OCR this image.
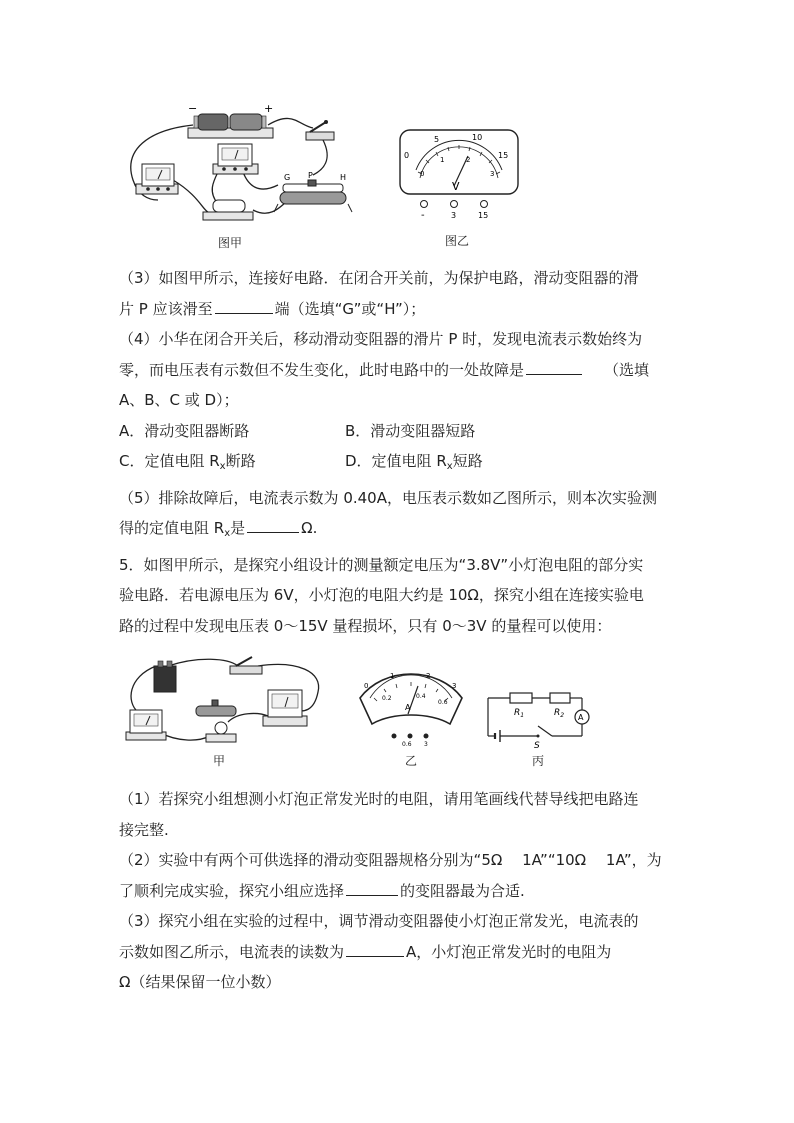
−	+
G P	H
图甲
0
5	10
15
0
1	2
3
V
-	3	15
图乙

（3）如图甲所示，连接好电路．在闭合开关前，为保护电路，滑动变阻器的滑

片 P 应该滑至	端（选填“G”或“H”）；

（4）小华在闭合开关后，移动滑动变阻器的滑片 P 时，发现电流表示数始终为

零，而电压表有示数但不发生变化，此时电路中的一处故障是	（选填

A、B、C 或 D）；

A．滑动变阻器断路	B．滑动变阻器短路
C．定值电阻 $R_x$断路	D．定值电阻 $R_x$短路

（5）排除故障后，电流表示数为 0.40A，电压表示数如乙图所示，则本次实验测

得的定值电阻 $R_x$是	Ω.

5．如图甲所示，是探究小组设计的测量额定电压为“3.8V”小灯泡电阻的部分实

验电路．若电源电压为 6V，小灯泡的电阻大约是 10Ω，探究小组在连接实验电

路的过程中发现电压表 0～15V 量程损坏，只有 0～3V 的量程可以使用：

甲
0
1	2
3
0.2	0.4
0.6
A
0.6 3
乙
$R_1$	$R_2$
S
A
丙

（1）若探究小组想测小灯泡正常发光时的电阻，请用笔画线代替导线把电路连

接完整.

（2）实验中有两个可供选择的滑动变阻器规格分别为“5Ω　 1A”“10Ω　 1A”，为

了顺利完成实验，探究小组应选择	的变阻器最为合适.

（3）探究小组在实验的过程中，调节滑动变阻器使小灯泡正常发光，电流表的

示数如图乙所示，电流表的读数为	A，小灯泡正常发光时的电阻为

Ω（结果保留一位小数）
